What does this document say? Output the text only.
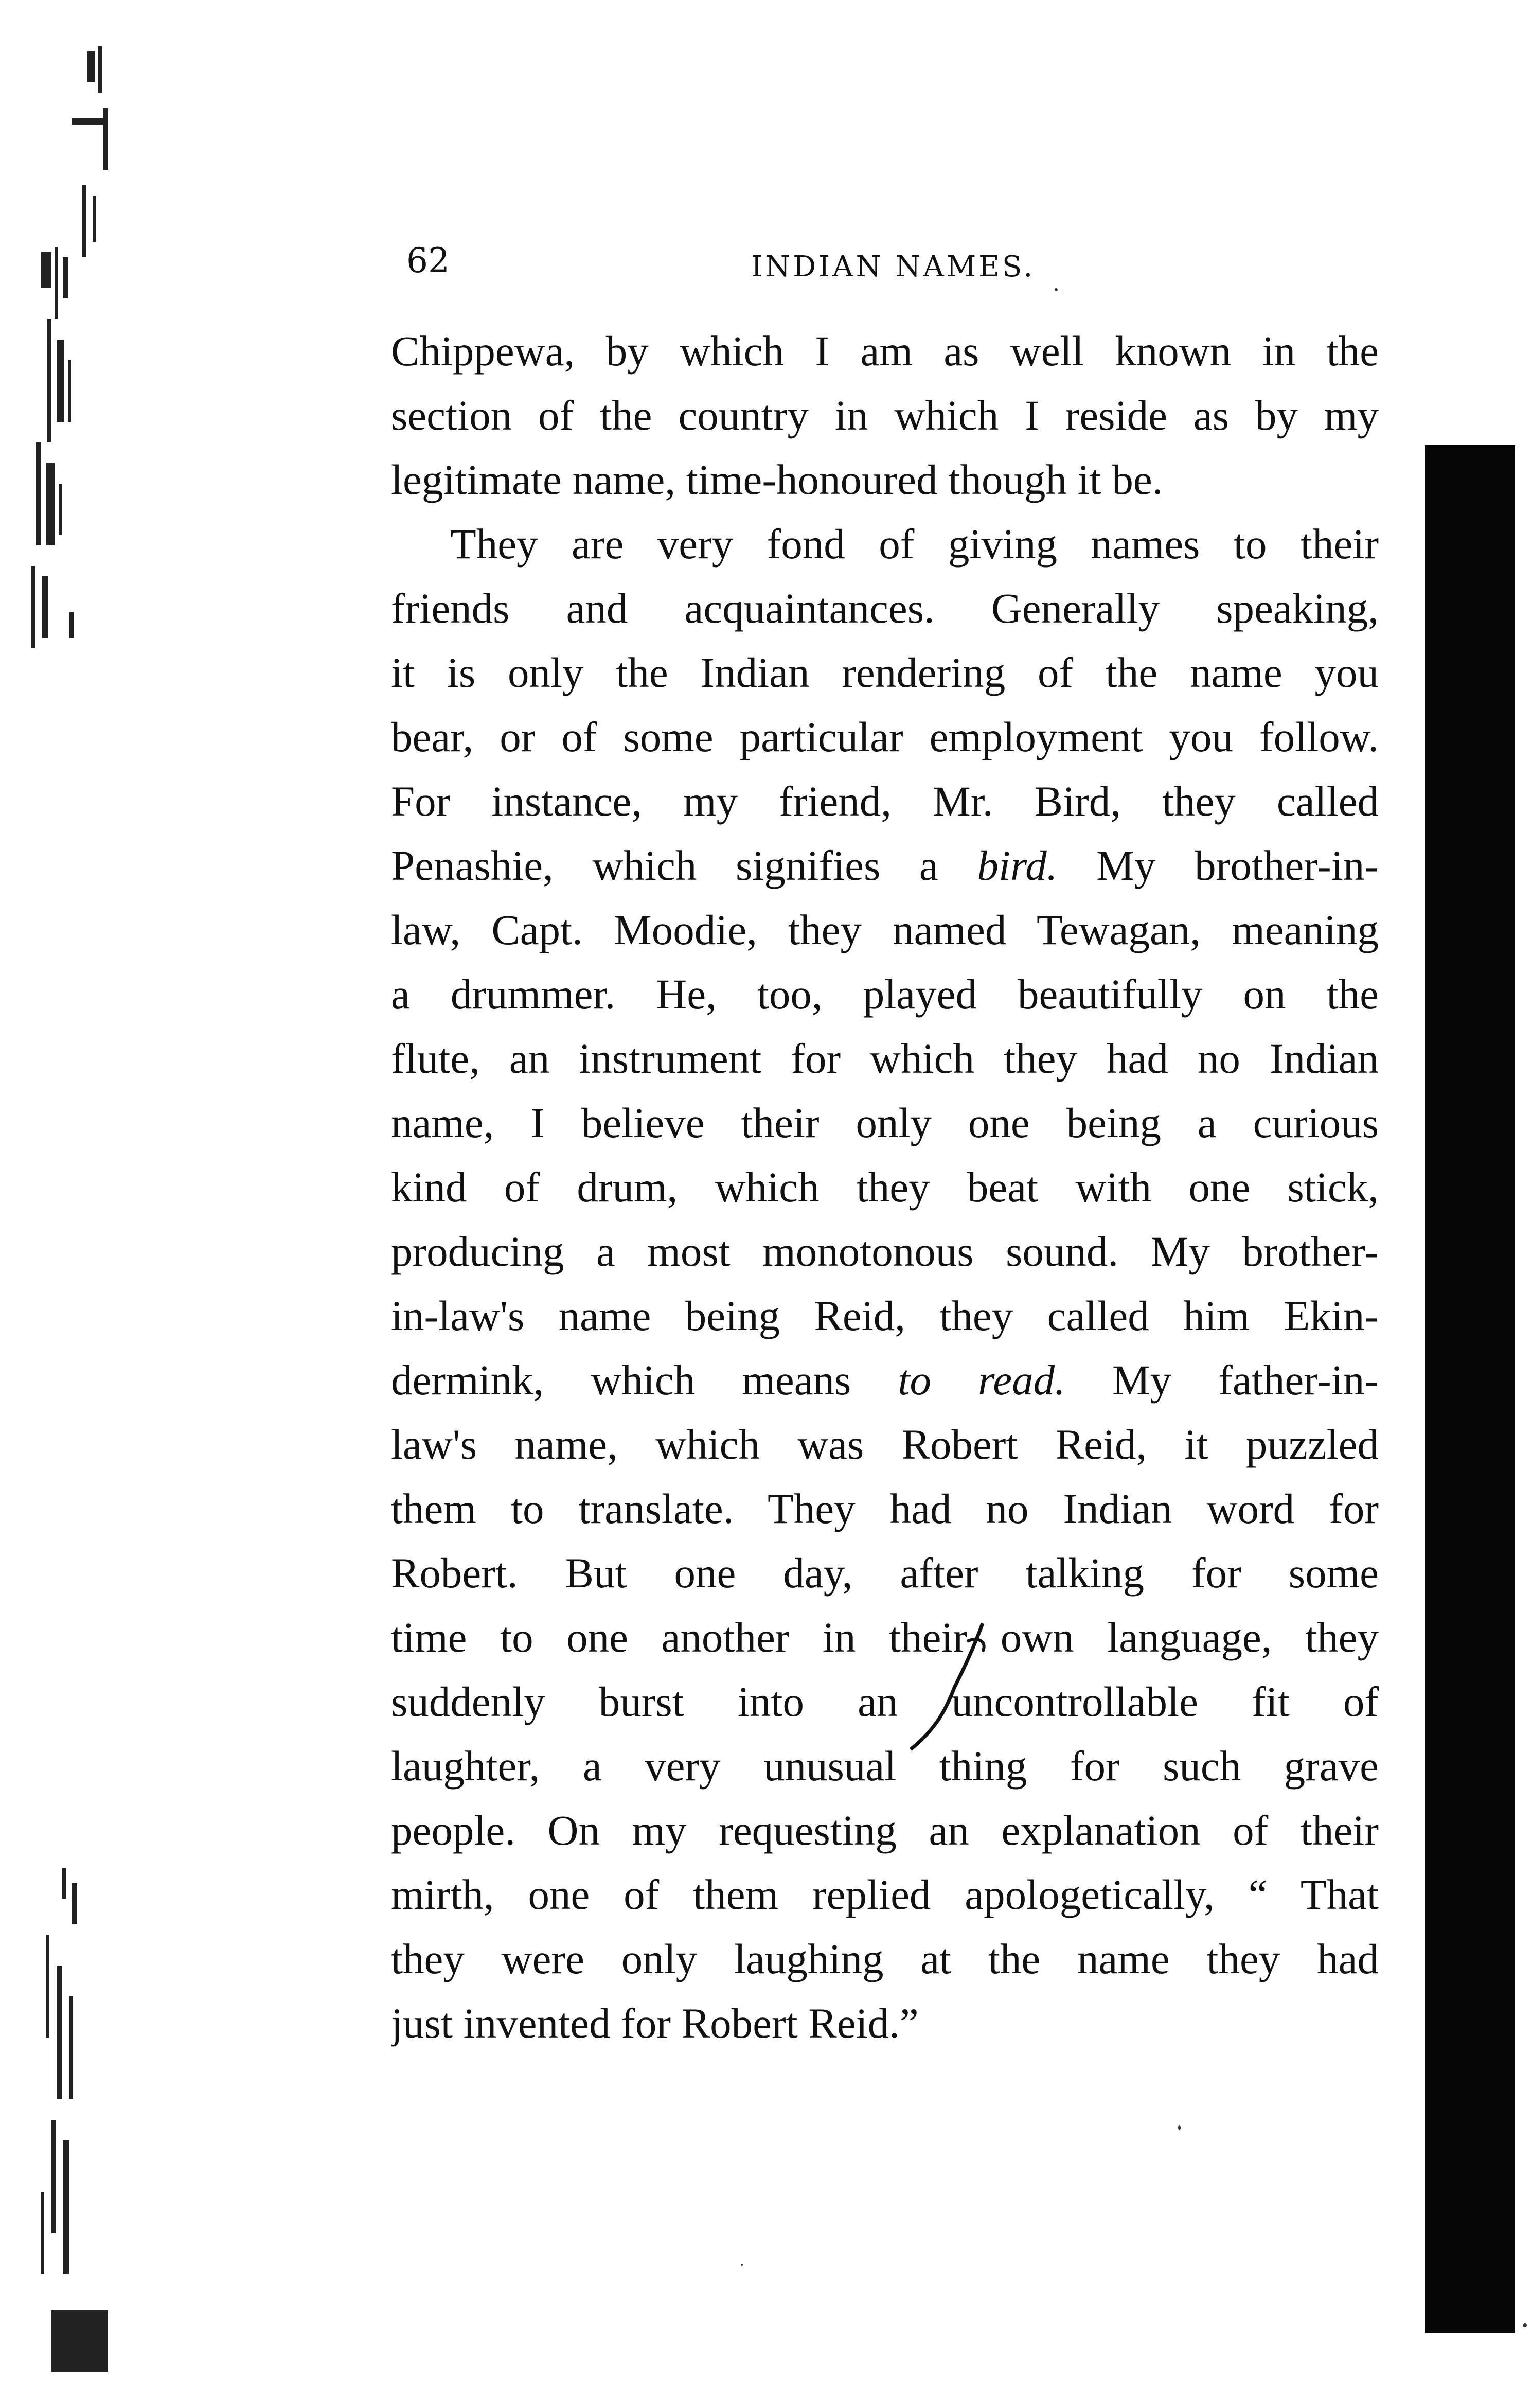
62	INDIAN NAMES.
Chippewa, by which I am as well known in the
section of the country in which I reside as by my
legitimate name, time-honoured though it be.
They are very fond of giving names to their
friends and acquaintances. Generally speaking,
it is only the Indian rendering of the name you
bear, or of some particular employment you follow.
For instance, my friend, Mr. Bird, they called
Penashie, which signifies a bird. My brother-in-
law, Capt. Moodie, they named Tewagan, meaning
a drummer. He, too, played beautifully on the
flute, an instrument for which they had no Indian
name, I believe their only one being a curious
kind of drum, which they beat with one stick,
producing a most monotonous sound. My brother-
in-law's name being Reid, they called him Ekin-
dermink, which means to read. My father-in-
law's name, which was Robert Reid, it puzzled
them to translate. They had no Indian word for
Robert. But one day, after talking for some
time to one another in their own language, they
suddenly burst into an uncontrollable fit of
laughter, a very unusual thing for such grave
people. On my requesting an explanation of their
mirth, one of them replied apologetically, “ That
they were only laughing at the name they had
just invented for Robert Reid.”
